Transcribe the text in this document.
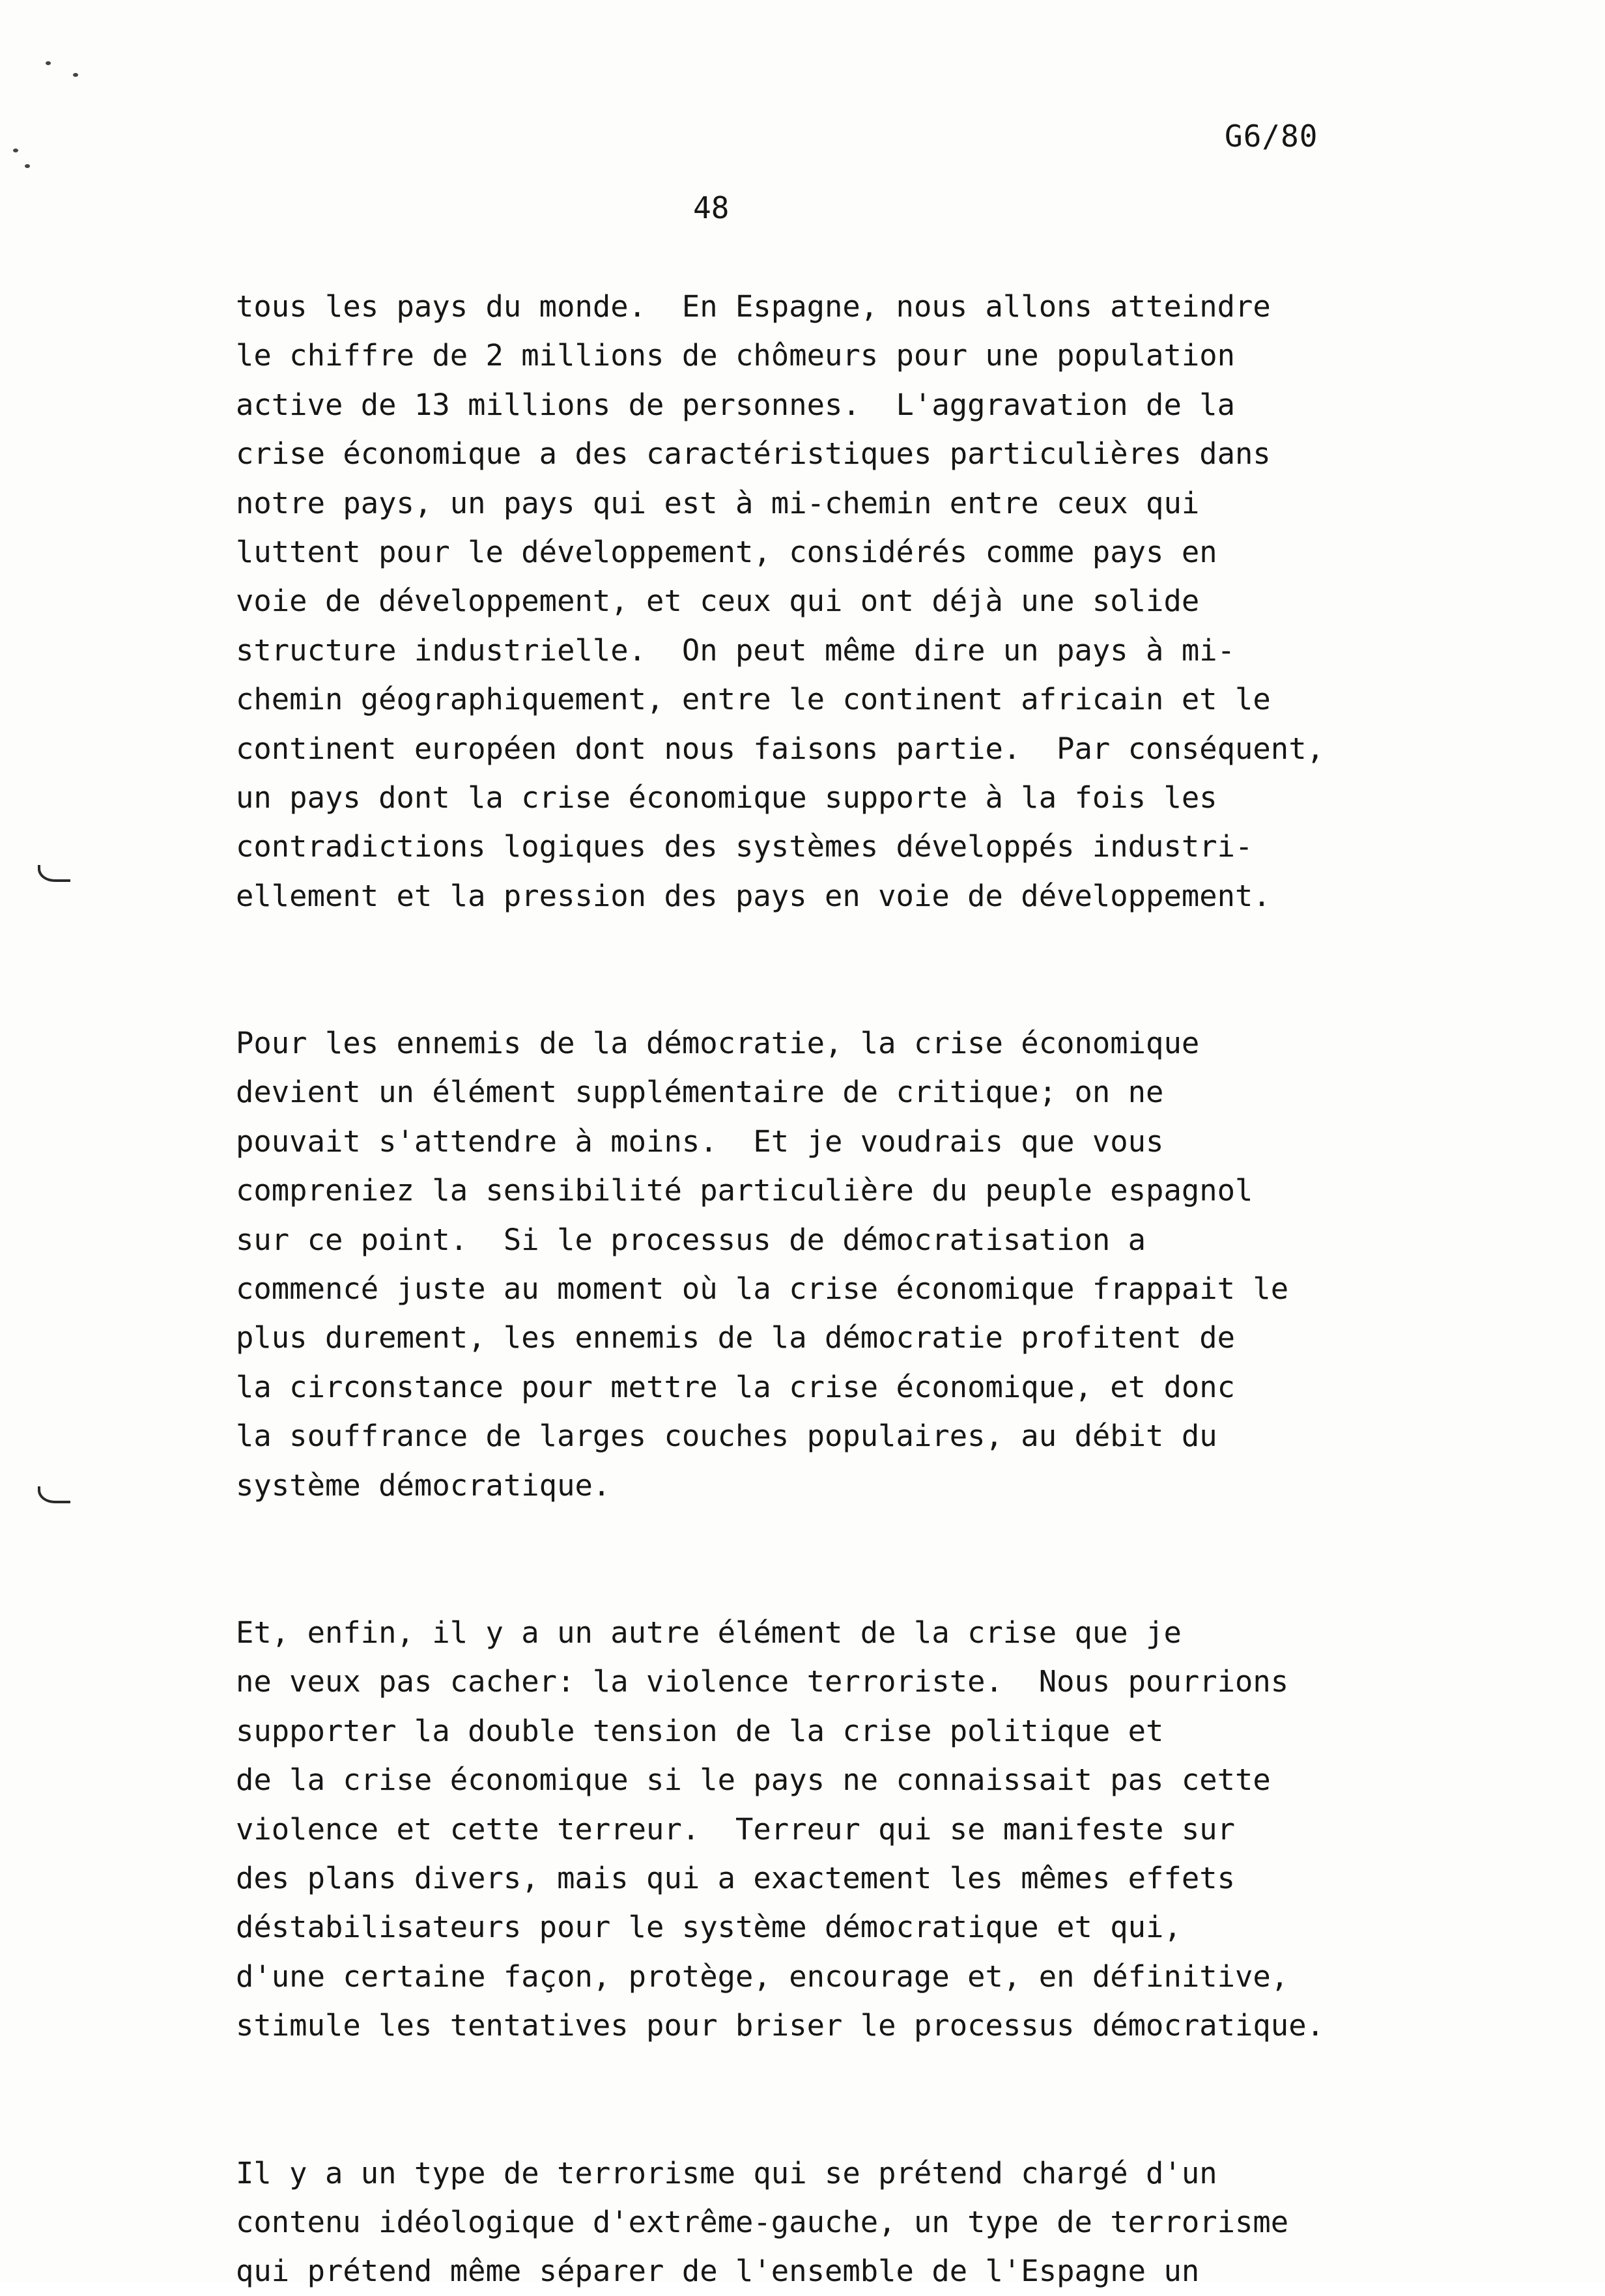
G6/80
48
tous les pays du monde.  En Espagne, nous allons atteindre
le chiffre de 2 millions de chômeurs pour une population
active de 13 millions de personnes.  L'aggravation de la
crise économique a des caractéristiques particulières dans
notre pays, un pays qui est à mi-chemin entre ceux qui
luttent pour le développement, considérés comme pays en
voie de développement, et ceux qui ont déjà une solide
structure industrielle.  On peut même dire un pays à mi-
chemin géographiquement, entre le continent africain et le
continent européen dont nous faisons partie.  Par conséquent,
un pays dont la crise économique supporte à la fois les
contradictions logiques des systèmes développés industri-
ellement et la pression des pays en voie de développement.
Pour les ennemis de la démocratie, la crise économique
devient un élément supplémentaire de critique; on ne
pouvait s'attendre à moins.  Et je voudrais que vous
compreniez la sensibilité particulière du peuple espagnol
sur ce point.  Si le processus de démocratisation a
commencé juste au moment où la crise économique frappait le
plus durement, les ennemis de la démocratie profitent de
la circonstance pour mettre la crise économique, et donc
la souffrance de larges couches populaires, au débit du
système démocratique.
Et, enfin, il y a un autre élément de la crise que je
ne veux pas cacher: la violence terroriste.  Nous pourrions
supporter la double tension de la crise politique et
de la crise économique si le pays ne connaissait pas cette
violence et cette terreur.  Terreur qui se manifeste sur
des plans divers, mais qui a exactement les mêmes effets
déstabilisateurs pour le système démocratique et qui,
d'une certaine façon, protège, encourage et, en définitive,
stimule les tentatives pour briser le processus démocratique.
Il y a un type de terrorisme qui se prétend chargé d'un
contenu idéologique d'extrême-gauche, un type de terrorisme
qui prétend même séparer de l'ensemble de l'Espagne un
